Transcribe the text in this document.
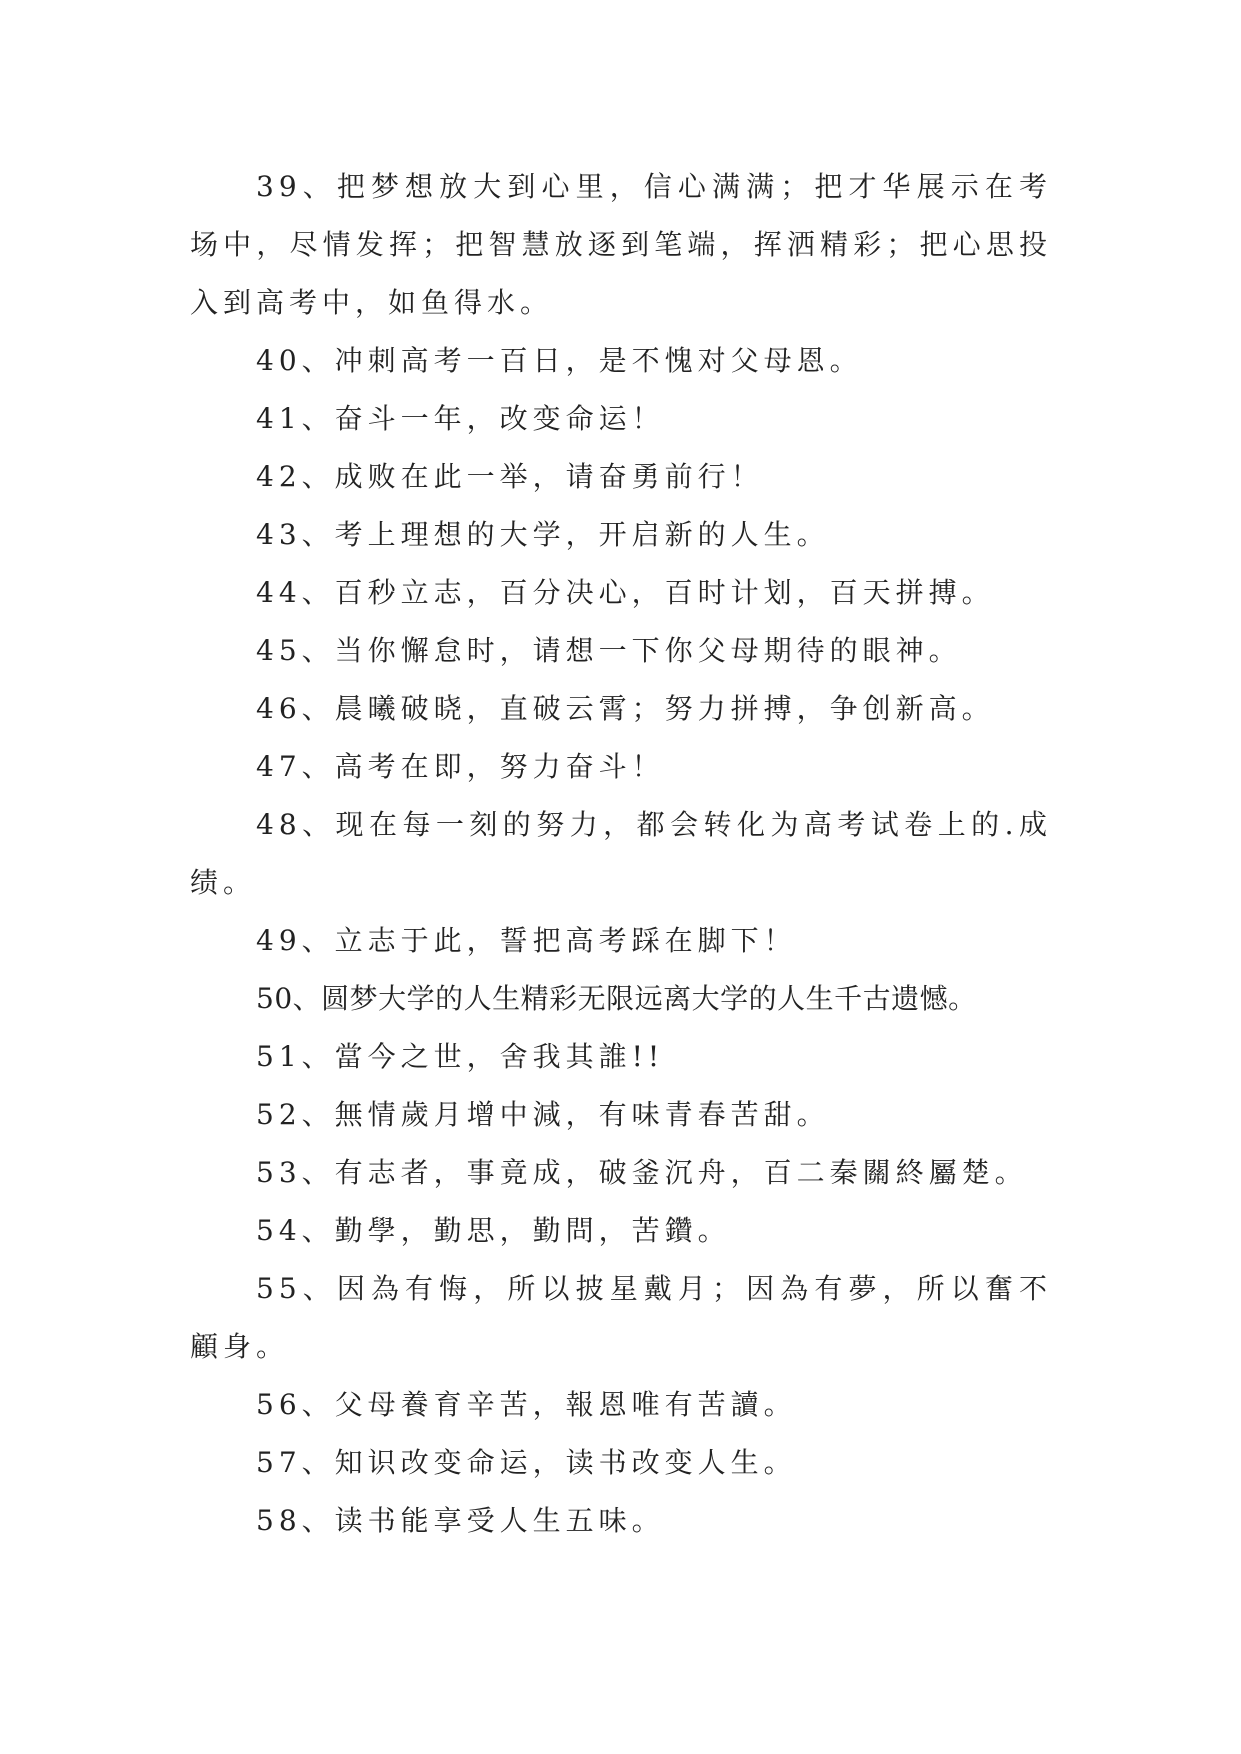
39、把梦想放大到心里，信心满满；把才华展示在考场中，尽情发挥；把智慧放逐到笔端，挥洒精彩；把心思投入到高考中，如鱼得水。

40、冲刺高考一百日，是不愧对父母恩。

41、奋斗一年，改变命运！

42、成败在此一举，请奋勇前行！

43、考上理想的大学，开启新的人生。

44、百秒立志，百分决心，百时计划，百天拼搏。

45、当你懈怠时，请想一下你父母期待的眼神。

46、晨曦破晓，直破云霄；努力拼搏，争创新高。

47、高考在即，努力奋斗！

48、现在每一刻的努力，都会转化为高考试卷上的.成绩。

49、立志于此，誓把高考踩在脚下！

50、圆梦大学的人生精彩无限远离大学的人生千古遗憾。

51、當今之世，舍我其誰!!

52、無情歲月增中減，有味青春苦甜。

53、有志者，事竟成，破釜沉舟，百二秦關終屬楚。

54、勤學，勤思，勤問，苦鑽。

55、因為有悔，所以披星戴月；因為有夢，所以奮不顧身。

56、父母養育辛苦，報恩唯有苦讀。

57、知识改变命运，读书改变人生。

58、读书能享受人生五味。
